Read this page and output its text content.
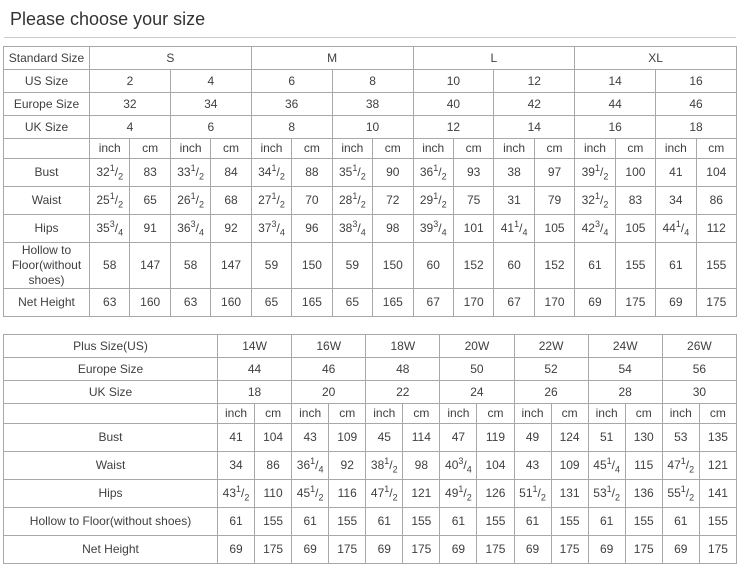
Please choose your size
Standard Size	S				M				L				XL			
US Size	2		4		6		8		10		12		14		16	
Europe Size	32		34		36		38		40		42		44		46	
UK Size	4		6		8		10		12		14		16		18	
	inch	cm	inch	cm	inch	cm	inch	cm	inch	cm	inch	cm	inch	cm	inch	cm
Bust	$32^1/_2$	83	$33^1/_2$	84	$34^1/_2$	88	$35^1/_2$	90	$36^1/_2$	93	38	97	$39^1/_2$	100	41	104
Waist	$25^1/_2$	65	$26^1/_2$	68	$27^1/_2$	70	$28^1/_2$	72	$29^1/_2$	75	31	79	$32^1/_2$	83	34	86
Hips	$35^3/_4$	91	$36^3/_4$	92	$37^3/_4$	96	$38^3/_4$	98	$39^3/_4$	101	$41^1/_4$	105	$42^3/_4$	105	$44^1/_4$	112
Hollow to Floor(without shoes)	58	147	58	147	59	150	59	150	60	152	60	152	61	155	61	155
Net Height	63	160	63	160	65	165	65	165	67	170	67	170	69	175	69	175
Plus Size(US)	14W		16W		18W		20W		22W		24W		26W	
Europe Size	44		46		48		50		52		54		56	
UK Size	18		20		22		24		26		28		30	
	inch	cm	inch	cm	inch	cm	inch	cm	inch	cm	inch	cm	inch	cm
Bust	41	104	43	109	45	114	47	119	49	124	51	130	53	135
Waist	34	86	$36^1/_4$	92	$38^1/_2$	98	$40^3/_4$	104	43	109	$45^1/_4$	115	$47^1/_2$	121
Hips	$43^1/_2$	110	$45^1/_2$	116	$47^1/_2$	121	$49^1/_2$	126	$51^1/_2$	131	$53^1/_2$	136	$55^1/_2$	141
Hollow to Floor(without shoes)	61	155	61	155	61	155	61	155	61	155	61	155	61	155
Net Height	69	175	69	175	69	175	69	175	69	175	69	175	69	175
